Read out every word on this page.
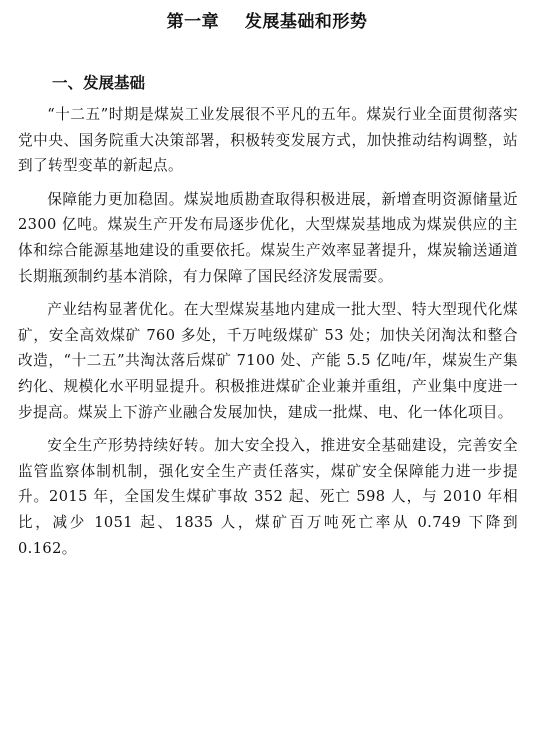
第一章    发展基础和形势
一、发展基础

“十二五”时期是煤炭工业发展很不平凡的五年。煤炭行业全面贯彻落实党中央、国务院重大决策部署，积极转变发展方式，加快推动结构调整，站到了转型变革的新起点。

保障能力更加稳固。煤炭地质勘查取得积极进展，新增查明资源储量近 2300 亿吨。煤炭生产开发布局逐步优化，大型煤炭基地成为煤炭供应的主体和综合能源基地建设的重要依托。煤炭生产效率显著提升，煤炭输送通道长期瓶颈制约基本消除，有力保障了国民经济发展需要。

产业结构显著优化。在大型煤炭基地内建成一批大型、特大型现代化煤矿，安全高效煤矿 760 多处，千万吨级煤矿 53 处；加快关闭淘汰和整合改造，“十二五”共淘汰落后煤矿 7100 处、产能 5.5 亿吨/年，煤炭生产集约化、规模化水平明显提升。积极推进煤矿企业兼并重组，产业集中度进一步提高。煤炭上下游产业融合发展加快，建成一批煤、电、化一体化项目。

安全生产形势持续好转。加大安全投入，推进安全基础建设，完善安全监管监察体制机制，强化安全生产责任落实，煤矿安全保障能力进一步提升。2015 年，全国发生煤矿事故 352 起、死亡 598 人，与 2010 年相比，减少 1051 起、1835 人，煤矿百万吨死亡率从 0.749 下降到 0.162。
